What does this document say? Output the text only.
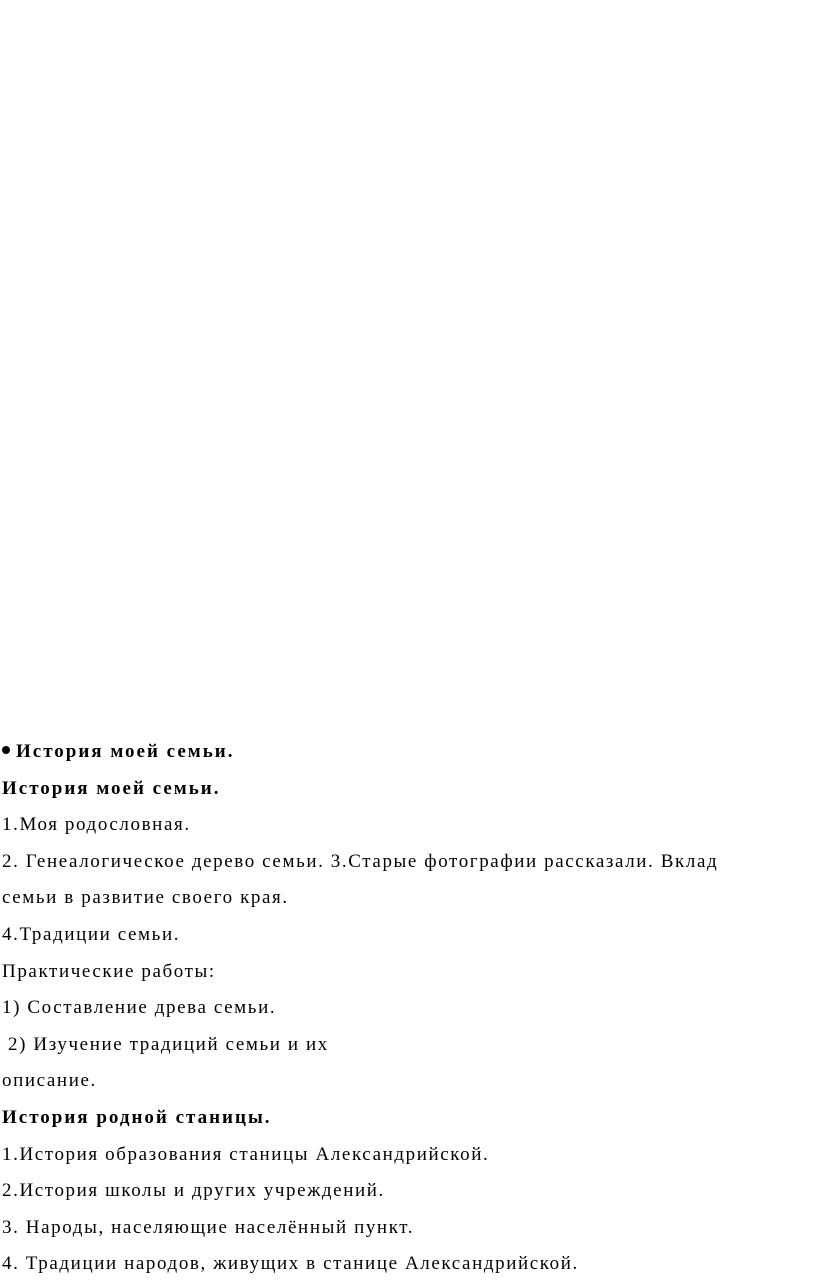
История моей семьи.
История моей семьи.
1.Моя родословная.
2. Генеалогическое дерево семьи. 3.Старые фотографии рассказали. Вклад
семьи в развитие своего края.
4.Традиции семьи.
Практические работы:
1) Составление древа семьи.
2) Изучение традиций семьи и их
описание.
История родной станицы.
1.История образования станицы Александрийской.
2.История школы и других учреждений.
3. Народы, населяющие населённый пункт.
4. Традиции народов, живущих в станице Александрийской.
